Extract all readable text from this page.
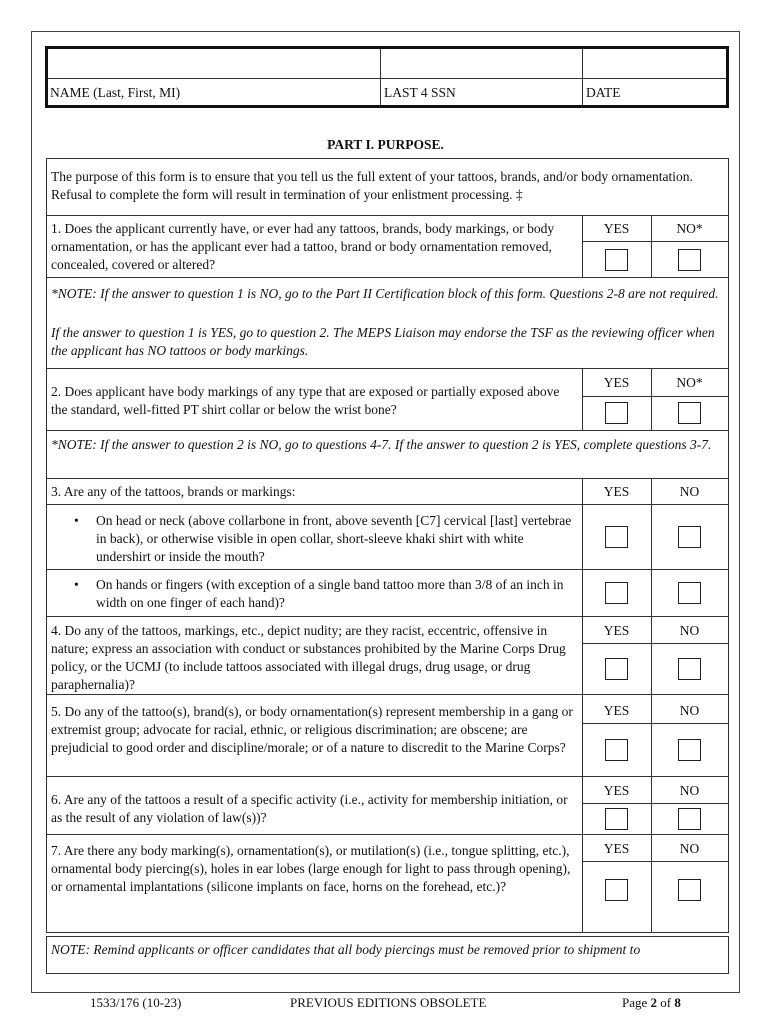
NAME (Last, First, MI)	LAST 4 SSN	DATE
PART I. PURPOSE.
The purpose of this form is to ensure that you tell us the full extent of your tattoos, brands, and/or body ornamentation. Refusal to complete the form will result in termination of your enlistment processing. ‡
1. Does the applicant currently have, or ever had any tattoos, brands, body markings, or body ornamentation, or has the applicant ever had a tattoo, brand or body ornamentation removed, concealed, covered or altered?
YES	NO*
*NOTE: If the answer to question 1 is NO, go to the Part II Certification block of this form. Questions 2-8 are not required.
If the answer to question 1 is YES, go to question 2. The MEPS Liaison may endorse the TSF as the reviewing officer when the applicant has NO tattoos or body markings.
2. Does applicant have body markings of any type that are exposed or partially exposed above the standard, well-fitted PT shirt collar or below the wrist bone?
YES	NO*
*NOTE: If the answer to question 2 is NO, go to questions 4-7. If the answer to question 2 is YES, complete questions 3-7.
3. Are any of the tattoos, brands or markings:	YES	NO
• On head or neck (above collarbone in front, above seventh [C7] cervical [last] vertebrae in back), or otherwise visible in open collar, short-sleeve khaki shirt with white undershirt or inside the mouth?
• On hands or fingers (with exception of a single band tattoo more than 3/8 of an inch in width on one finger of each hand)?
4. Do any of the tattoos, markings, etc., depict nudity; are they racist, eccentric, offensive in nature; express an association with conduct or substances prohibited by the Marine Corps Drug policy, or the UCMJ (to include tattoos associated with illegal drugs, drug usage, or drug paraphernalia)?
YES	NO
5. Do any of the tattoo(s), brand(s), or body ornamentation(s) represent membership in a gang or extremist group; advocate for racial, ethnic, or religious discrimination; are obscene; are prejudicial to good order and discipline/morale; or of a nature to discredit to the Marine Corps?
YES	NO
6. Are any of the tattoos a result of a specific activity (i.e., activity for membership initiation, or as the result of any violation of law(s))?
YES	NO
7. Are there any body marking(s), ornamentation(s), or mutilation(s) (i.e., tongue splitting, etc.), ornamental body piercing(s), holes in ear lobes (large enough for light to pass through opening), or ornamental implantations (silicone implants on face, horns on the forehead, etc.)?
YES	NO
NOTE: Remind applicants or officer candidates that all body piercings must be removed prior to shipment to
1533/176 (10-23)	PREVIOUS EDITIONS OBSOLETE	Page 2 of 8
